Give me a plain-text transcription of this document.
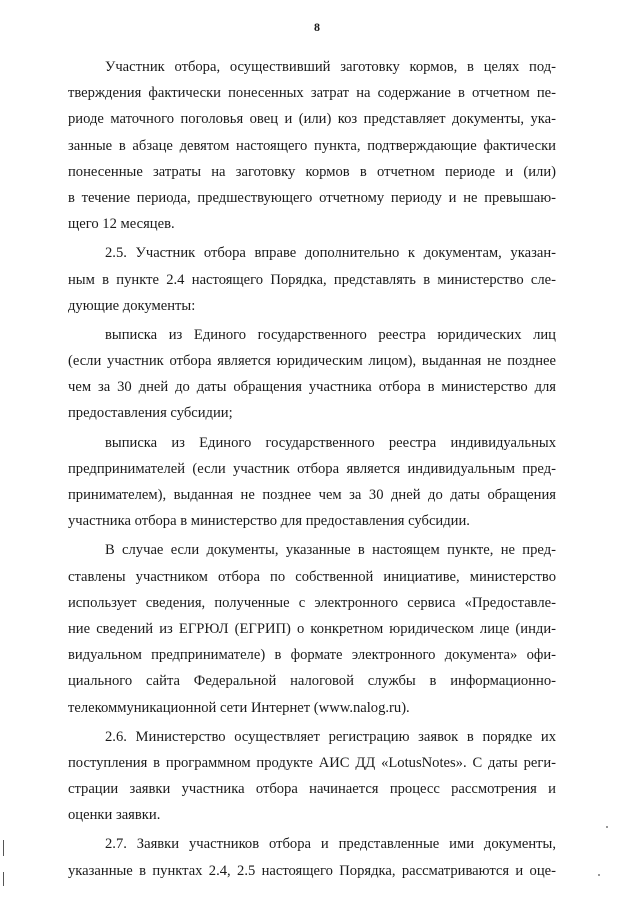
8
Участник отбора, осуществивший заготовку кормов, в целях под-
тверждения фактически понесенных затрат на содержание в отчетном пе-
риоде маточного поголовья овец и (или) коз представляет документы, ука-
занные в абзаце девятом настоящего пункта, подтверждающие фактически
понесенные затраты на заготовку кормов в отчетном периоде и (или)
в течение периода, предшествующего отчетному периоду и не превышаю-
щего 12 месяцев.
2.5. Участник отбора вправе дополнительно к документам, указан-
ным в пункте 2.4 настоящего Порядка, представлять в министерство сле-
дующие документы:
выписка из Единого государственного реестра юридических лиц
(если участник отбора является юридическим лицом), выданная не позднее
чем за 30 дней до даты обращения участника отбора в министерство для
предоставления субсидии;
выписка из Единого государственного реестра индивидуальных
предпринимателей (если участник отбора является индивидуальным пред-
принимателем), выданная не позднее чем за 30 дней до даты обращения
участника отбора в министерство для предоставления субсидии.
В случае если документы, указанные в настоящем пункте, не пред-
ставлены участником отбора по собственной инициативе, министерство
использует сведения, полученные с электронного сервиса «Предоставле-
ние сведений из ЕГРЮЛ (ЕГРИП) о конкретном юридическом лице (инди-
видуальном предпринимателе) в формате электронного документа» офи-
циального сайта Федеральной налоговой службы в информационно-
телекоммуникационной сети Интернет (www.nalog.ru).
2.6. Министерство осуществляет регистрацию заявок в порядке их
поступления в программном продукте АИС ДД «LotusNotes». С даты реги-
страции заявки участника отбора начинается процесс рассмотрения и
оценки заявки.
2.7. Заявки участников отбора и представленные ими документы,
указанные в пунктах 2.4, 2.5 настоящего Порядка, рассматриваются и оце-
